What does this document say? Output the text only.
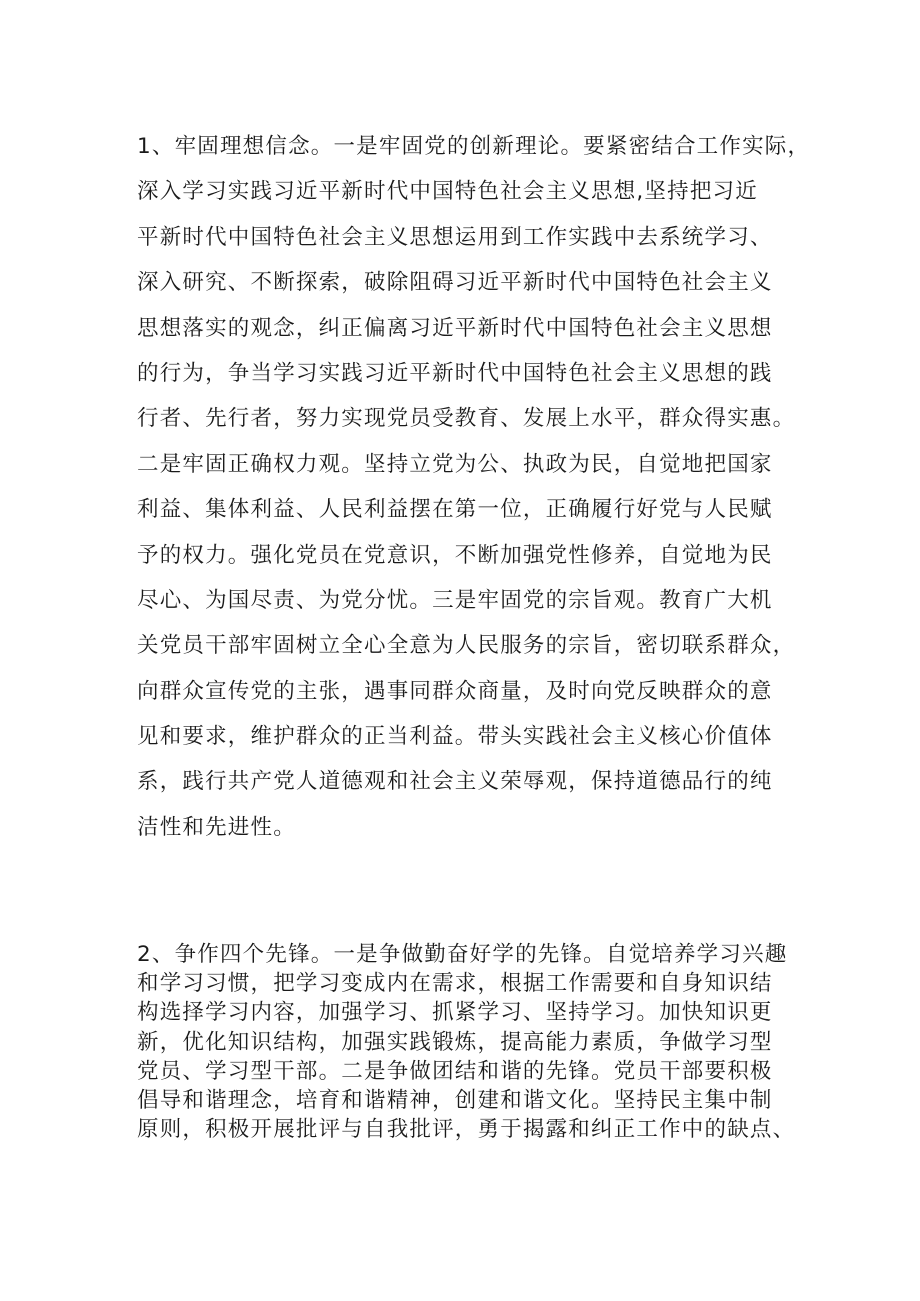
1、牢固理想信念。一是牢固党的创新理论。要紧密结合工作实际，
深入学习实践习近平新时代中国特色社会主义思想,坚持把习近
平新时代中国特色社会主义思想运用到工作实践中去系统学习、
深入研究、不断探索，破除阻碍习近平新时代中国特色社会主义
思想落实的观念，纠正偏离习近平新时代中国特色社会主义思想
的行为，争当学习实践习近平新时代中国特色社会主义思想的践
行者、先行者，努力实现党员受教育、发展上水平，群众得实惠。
二是牢固正确权力观。坚持立党为公、执政为民，自觉地把国家
利益、集体利益、人民利益摆在第一位，正确履行好党与人民赋
予的权力。强化党员在党意识，不断加强党性修养，自觉地为民
尽心、为国尽责、为党分忧。三是牢固党的宗旨观。教育广大机
关党员干部牢固树立全心全意为人民服务的宗旨，密切联系群众，
向群众宣传党的主张，遇事同群众商量，及时向党反映群众的意
见和要求，维护群众的正当利益。带头实践社会主义核心价值体
系，践行共产党人道德观和社会主义荣辱观，保持道德品行的纯
洁性和先进性。
2、争作四个先锋。一是争做勤奋好学的先锋。自觉培养学习兴趣
和学习习惯，把学习变成内在需求，根据工作需要和自身知识结
构选择学习内容，加强学习、抓紧学习、坚持学习。加快知识更
新，优化知识结构，加强实践锻炼，提高能力素质，争做学习型
党员、学习型干部。二是争做团结和谐的先锋。党员干部要积极
倡导和谐理念，培育和谐精神，创建和谐文化。坚持民主集中制
原则，积极开展批评与自我批评，勇于揭露和纠正工作中的缺点、
